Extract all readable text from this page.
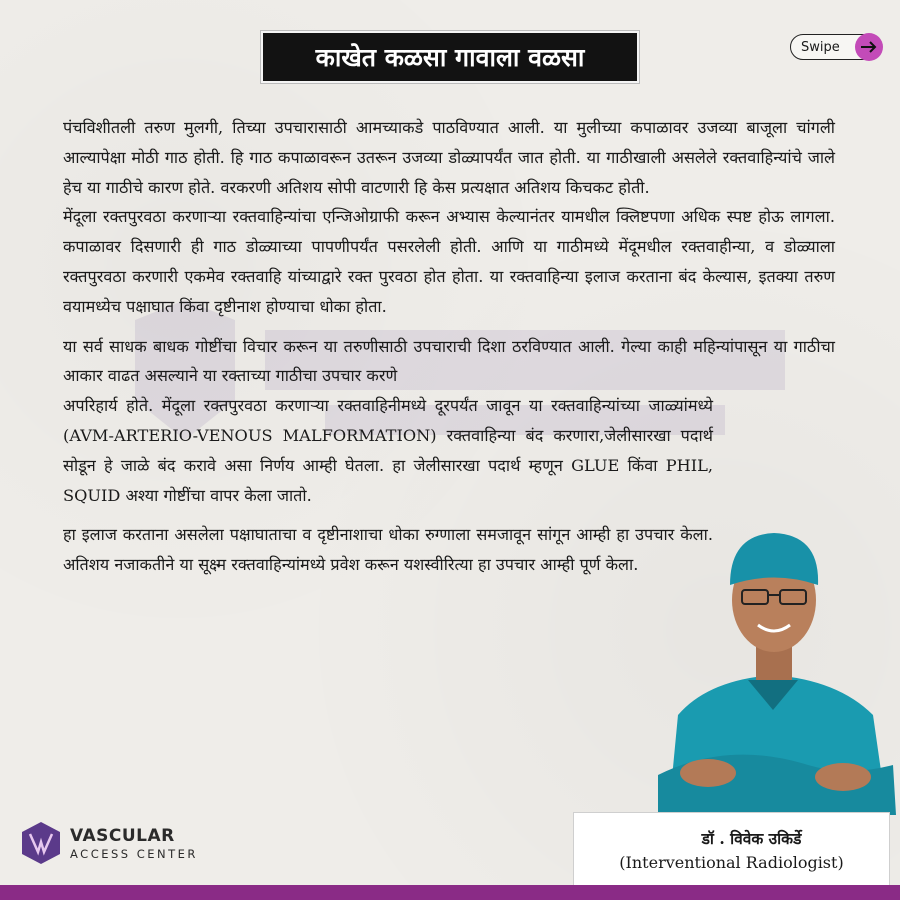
काखेत कळसा गावाला वळसा	Swipe

पंचविशीतली तरुण मुलगी, तिच्या उपचारासाठी आमच्याकडे पाठविण्यात आली. या मुलीच्या कपाळावर उजव्या बाजूला चांगली आल्यापेक्षा मोठी गाठ होती. हि गाठ कपाळावरून उतरून उजव्या डोळ्यापर्यंत जात होती. या गाठीखाली असलेले रक्तवाहिन्यांचे जाले हेच या गाठीचे कारण होते. वरकरणी अतिशय सोपी वाटणारी हि केस प्रत्यक्षात अतिशय किचकट होती.

मेंदूला रक्तपुरवठा करणाऱ्या रक्तवाहिन्यांचा एन्जिओग्राफी करून अभ्यास केल्यानंतर यामधील क्लिष्टपणा अधिक स्पष्ट होऊ लागला. कपाळावर दिसणारी ही गाठ डोळ्याच्या पापणीपर्यंत पसरलेली होती. आणि या गाठीमध्ये मेंदूमधील रक्तवाहीन्या, व डोळ्याला रक्तपुरवठा करणारी एकमेव रक्तवाहि यांच्याद्वारे रक्त पुरवठा होत होता. या रक्तवाहिन्या इलाज करताना बंद केल्यास, इतक्या तरुण वयामध्येच पक्षाघात किंवा दृष्टीनाश होण्याचा धोका होता.

या सर्व साधक बाधक गोष्टींचा विचार करून या तरुणीसाठी उपचाराची दिशा ठरविण्यात आली. गेल्या काही महिन्यांपासून या गाठीचा आकार वाढत असल्याने या रक्ताच्या गाठीचा उपचार करणे

अपरिहार्य होते. मेंदूला रक्तपुरवठा करणाऱ्या रक्तवाहिनीमध्ये दूरपर्यंत जावून या रक्तवाहिन्यांच्या जाळ्यांमध्ये (AVM-ARTERIO-VENOUS MALFORMATION) रक्तवाहिन्या बंद करणारा,जेलीसारखा पदार्थ सोडून हे जाळे बंद करावे असा निर्णय आम्ही घेतला. हा जेलीसारखा पदार्थ म्हणून GLUE किंवा PHIL, SQUID अश्या गोष्टींचा वापर केला जातो.

हा इलाज करताना असलेला पक्षाघाताचा व दृष्टीनाशाचा धोका रुग्णाला समजावून सांगून आम्ही हा उपचार केला. अतिशय नजाकतीने या सूक्ष्म रक्तवाहिन्यांमध्ये प्रवेश करून यशस्वीरित्या हा उपचार आम्ही पूर्ण केला.

डॉ . विवेक उकिर्डे
(Interventional Radiologist)
VASCULAR
ACCESS CENTER
